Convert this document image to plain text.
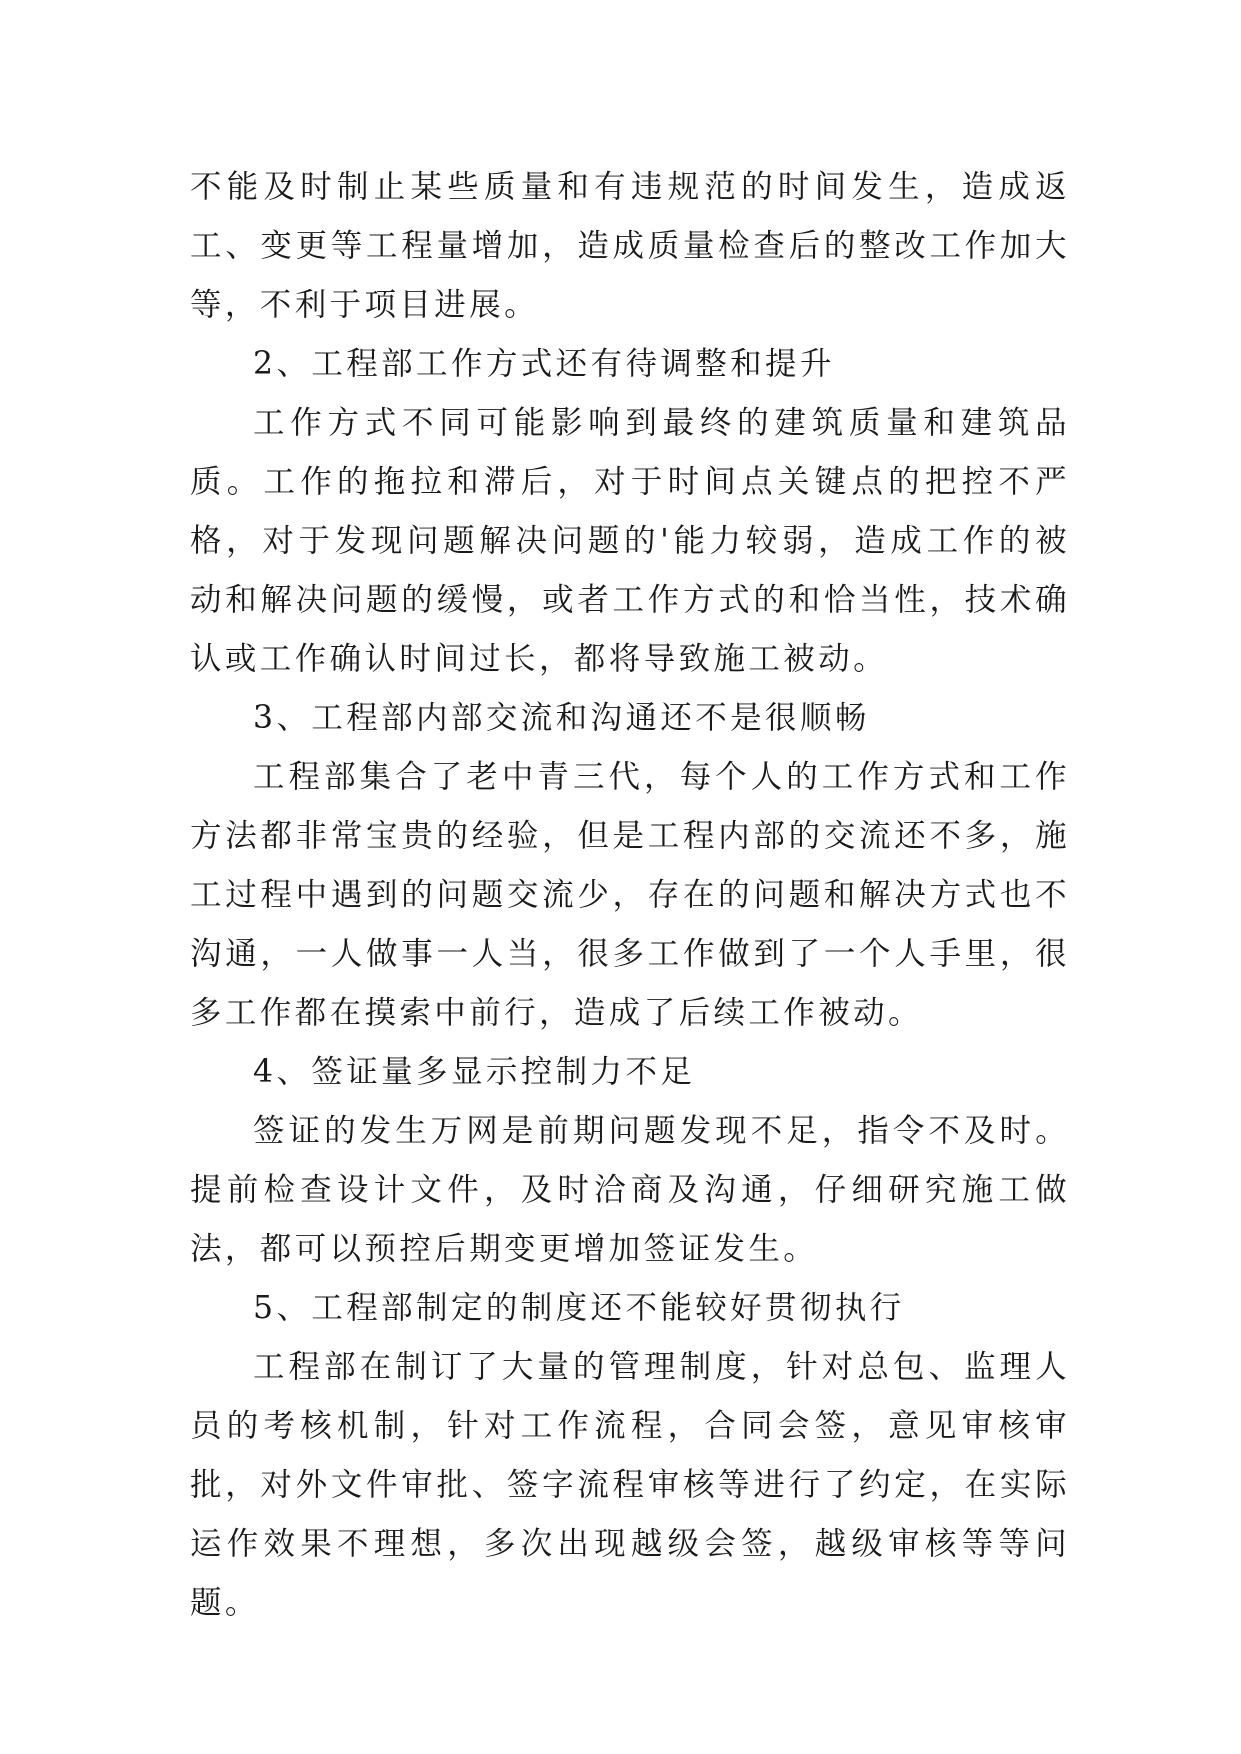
不能及时制止某些质量和有违规范的时间发生，造成返工、变更等工程量增加，造成质量检查后的整改工作加大等，不利于项目进展。

2、工程部工作方式还有待调整和提升

工作方式不同可能影响到最终的建筑质量和建筑品质。工作的拖拉和滞后，对于时间点关键点的把控不严格，对于发现问题解决问题的'能力较弱，造成工作的被动和解决问题的缓慢，或者工作方式的和恰当性，技术确认或工作确认时间过长，都将导致施工被动。

3、工程部内部交流和沟通还不是很顺畅

工程部集合了老中青三代，每个人的工作方式和工作方法都非常宝贵的经验，但是工程内部的交流还不多，施工过程中遇到的问题交流少，存在的问题和解决方式也不沟通，一人做事一人当，很多工作做到了一个人手里，很多工作都在摸索中前行，造成了后续工作被动。

4、签证量多显示控制力不足

签证的发生万网是前期问题发现不足，指令不及时。提前检查设计文件，及时洽商及沟通，仔细研究施工做法，都可以预控后期变更增加签证发生。

5、工程部制定的制度还不能较好贯彻执行

工程部在制订了大量的管理制度，针对总包、监理人员的考核机制，针对工作流程，合同会签，意见审核审批，对外文件审批、签字流程审核等进行了约定，在实际运作效果不理想，多次出现越级会签，越级审核等等问题。
